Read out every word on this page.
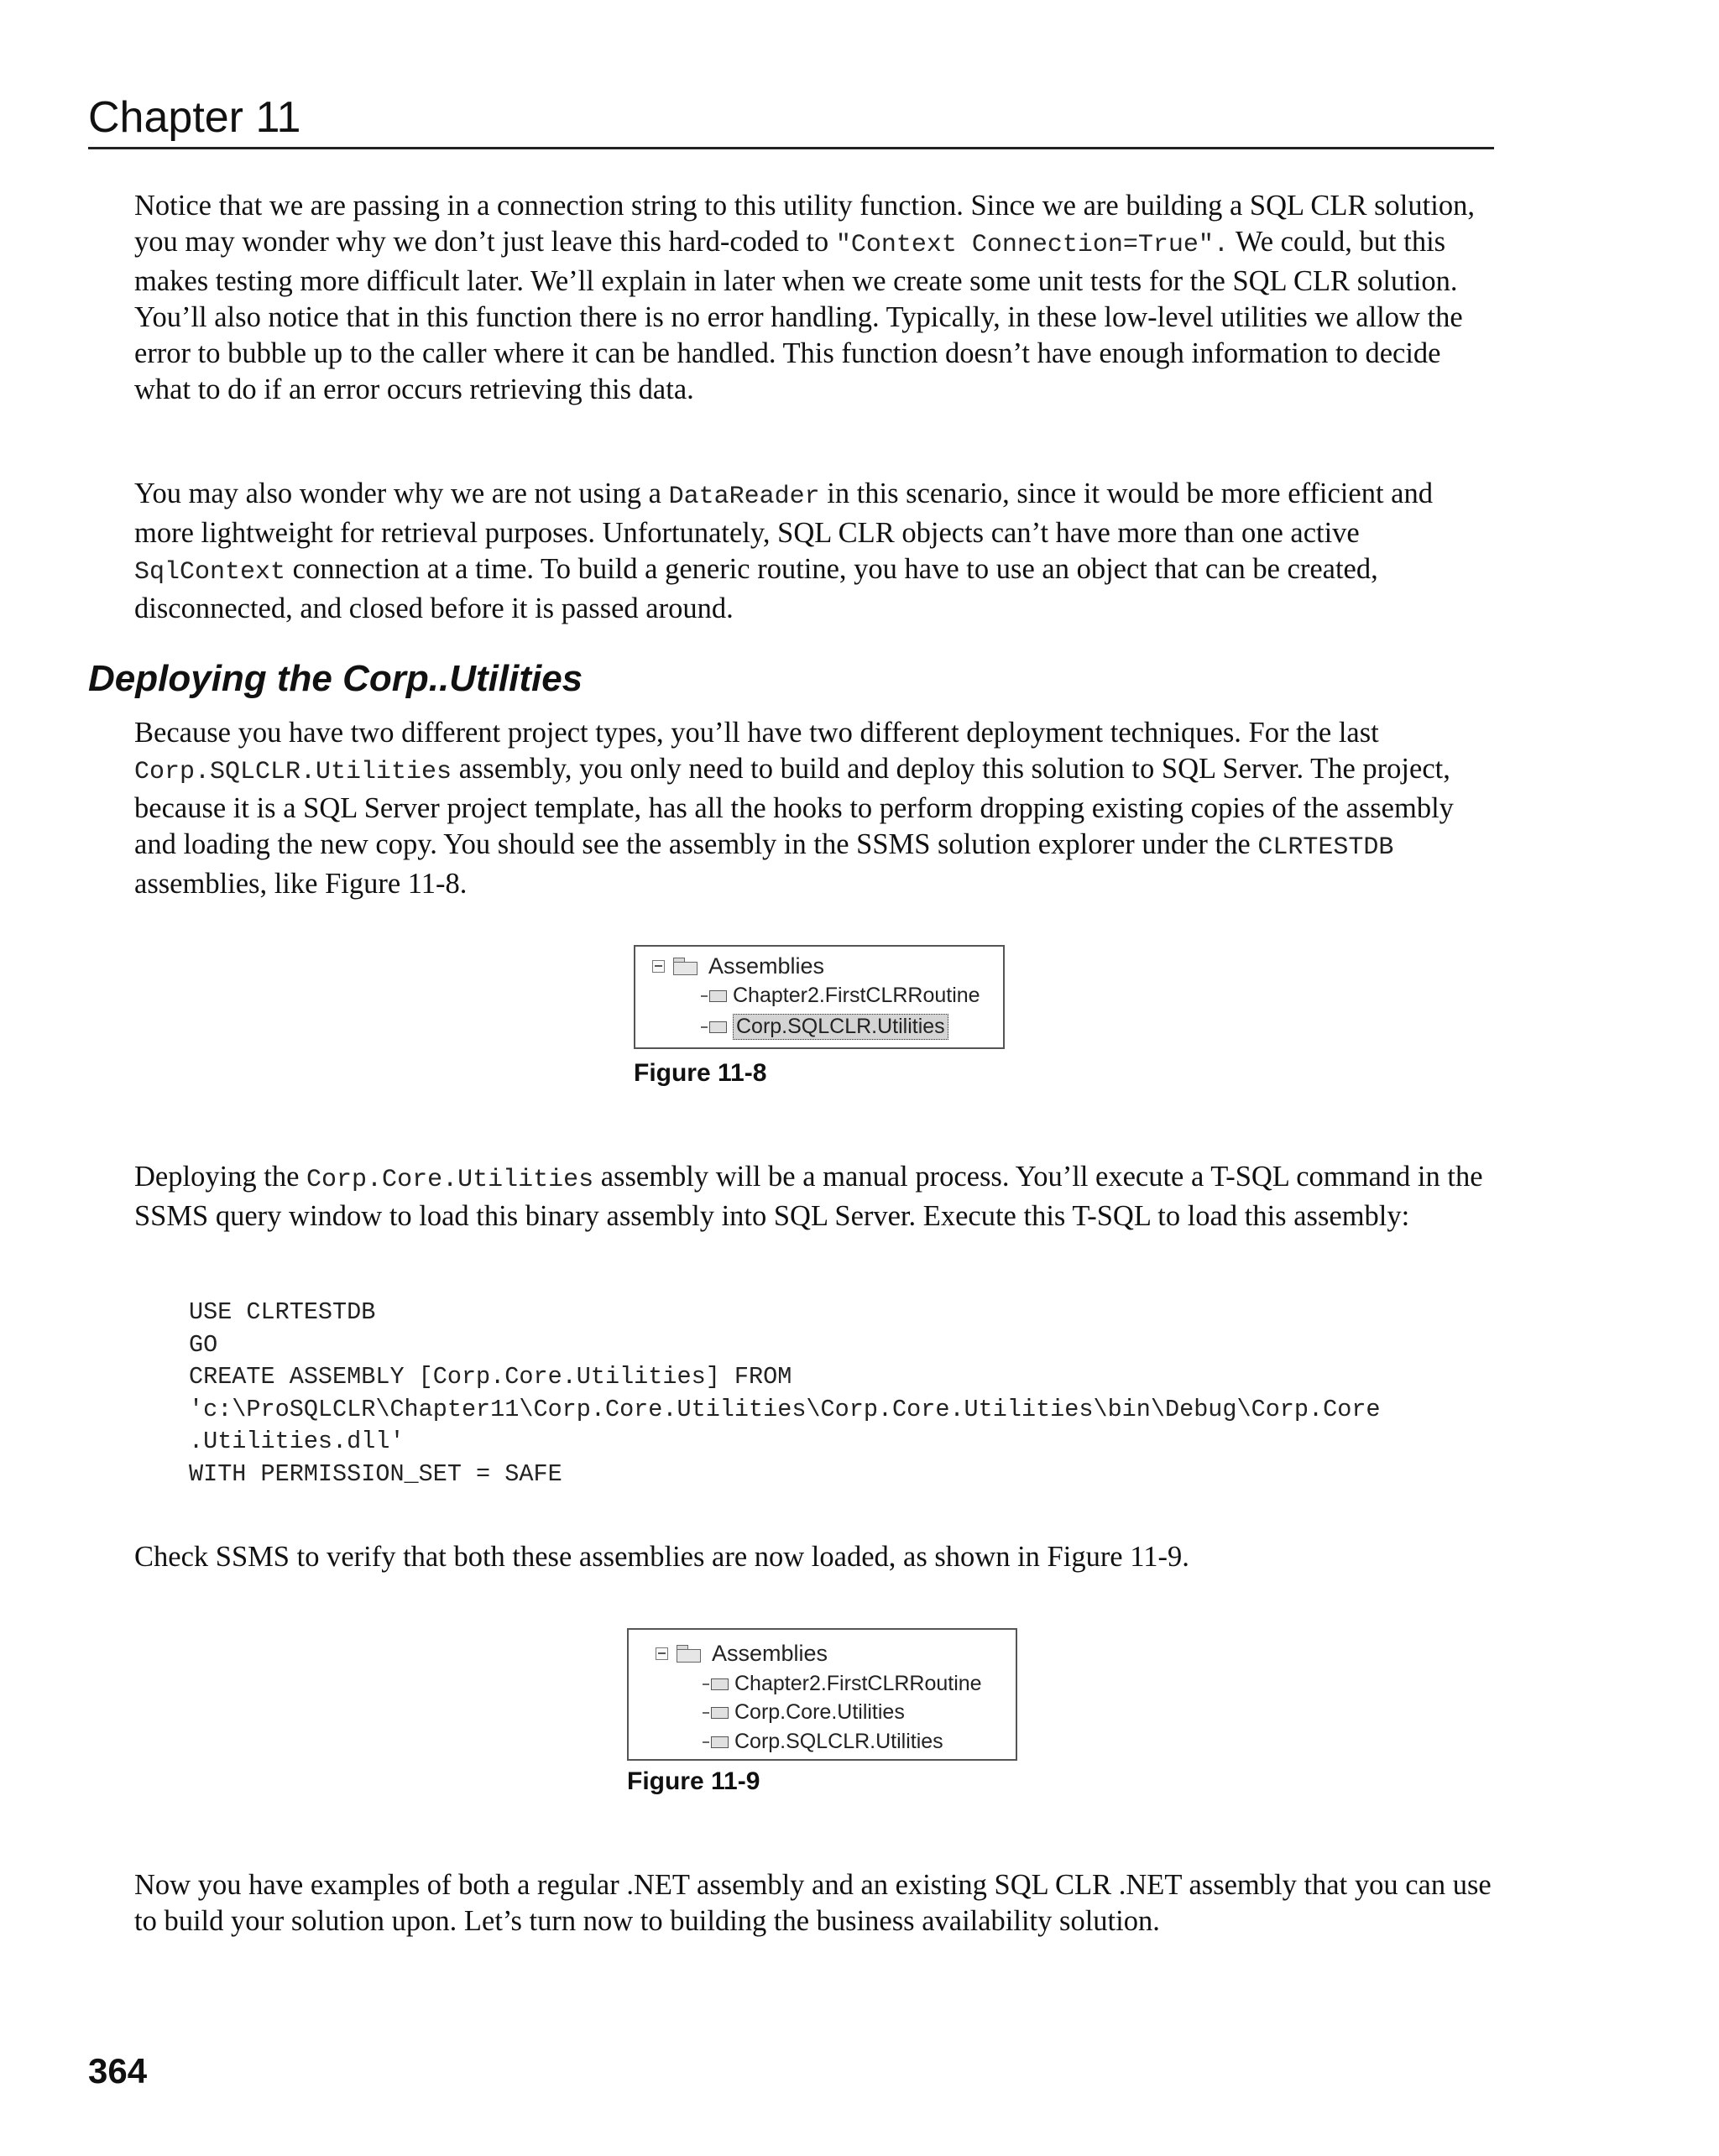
Chapter 11

Notice that we are passing in a connection string to this utility function. Since we are building a SQL CLR solution, you may wonder why we don’t just leave this hard-coded to "Context Connection=True". We could, but this makes testing more difficult later. We’ll explain in later when we create some unit tests for the SQL CLR solution. You’ll also notice that in this function there is no error handling. Typically, in these low-level utilities we allow the error to bubble up to the caller where it can be handled. This function doesn’t have enough information to decide what to do if an error occurs retrieving this data.

You may also wonder why we are not using a DataReader in this scenario, since it would be more efficient and more lightweight for retrieval purposes. Unfortunately, SQL CLR objects can’t have more than one active SqlContext connection at a time. To build a generic routine, you have to use an object that can be created, disconnected, and closed before it is passed around.

Deploying the Corp..Utilities

Because you have two different project types, you’ll have two different deployment techniques. For the last Corp.SQLCLR.Utilities assembly, you only need to build and deploy this solution to SQL Server. The project, because it is a SQL Server project template, has all the hooks to perform dropping existing copies of the assembly and loading the new copy. You should see the assembly in the SSMS solution explorer under the CLRTESTDB assemblies, like Figure 11-8.

Assemblies
Chapter2.FirstCLRRoutine
Corp.SQLCLR.Utilities
Figure 11-8

Deploying the Corp.Core.Utilities assembly will be a manual process. You’ll execute a T-SQL command in the SSMS query window to load this binary assembly into SQL Server. Execute this T-SQL to load this assembly:

USE CLRTESTDB
GO
CREATE ASSEMBLY [Corp.Core.Utilities] FROM
'c:\ProSQLCLR\Chapter11\Corp.Core.Utilities\Corp.Core.Utilities\bin\Debug\Corp.Core
.Utilities.dll'
WITH PERMISSION_SET = SAFE

Check SSMS to verify that both these assemblies are now loaded, as shown in Figure 11-9.

Assemblies
Chapter2.FirstCLRRoutine
Corp.Core.Utilities
Corp.SQLCLR.Utilities
Figure 11-9

Now you have examples of both a regular .NET assembly and an existing SQL CLR .NET assembly that you can use to build your solution upon. Let’s turn now to building the business availability solution.

364
